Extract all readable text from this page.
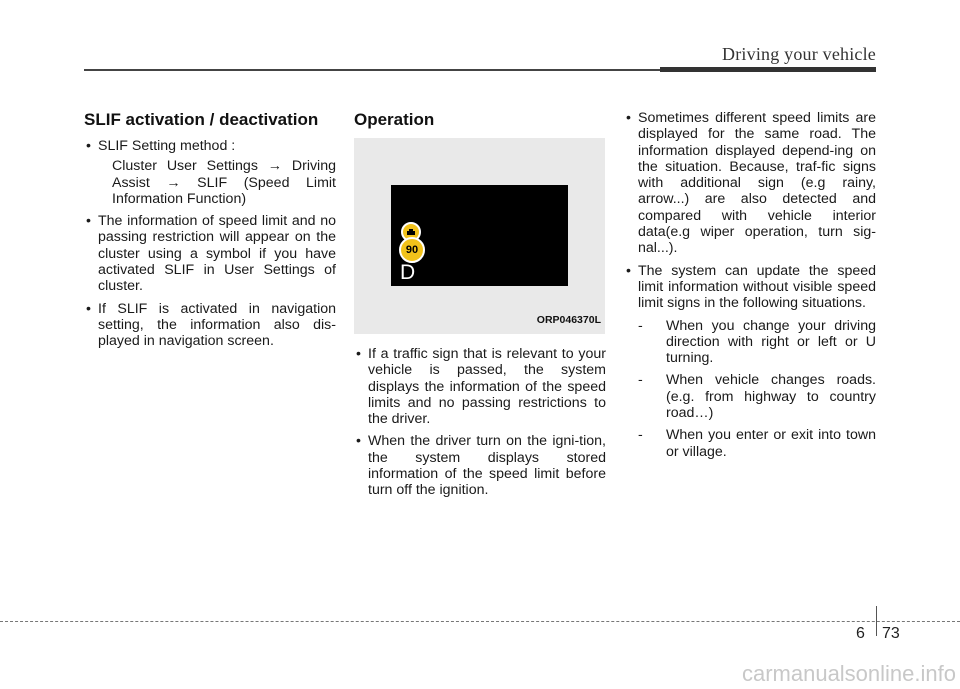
Driving your vehicle
SLIF activation / deactivation
• SLIF Setting method :
Cluster User Settings → Driving Assist → SLIF (Speed Limit Information Function)
• The information of speed limit and no passing restriction will appear on the cluster using a symbol if you have activated SLIF in User Settings of cluster.
• If SLIF is activated in navigation setting, the information also dis-played in navigation screen.
Operation
90
D
ORP046370L
• If a traffic sign that is relevant to your vehicle is passed, the system displays the information of the speed limits and no passing restrictions to the driver.
• When the driver turn on the igni-tion, the system displays stored information of the speed limit before turn off the ignition.
• Sometimes different speed limits are displayed for the same road. The information displayed depend-ing on the situation. Because, traf-fic signs with additional sign (e.g rainy, arrow...) are also detected and compared with vehicle interior data(e.g wiper operation, turn sig-nal...).
• The system can update the speed limit information without visible speed limit signs in the following situations.
- When you change your driving direction with right or left or U turning.
- When vehicle changes roads. (e.g. from highway to country road…)
- When you enter or exit into town or village.
6 73
carmanualsonline.info
